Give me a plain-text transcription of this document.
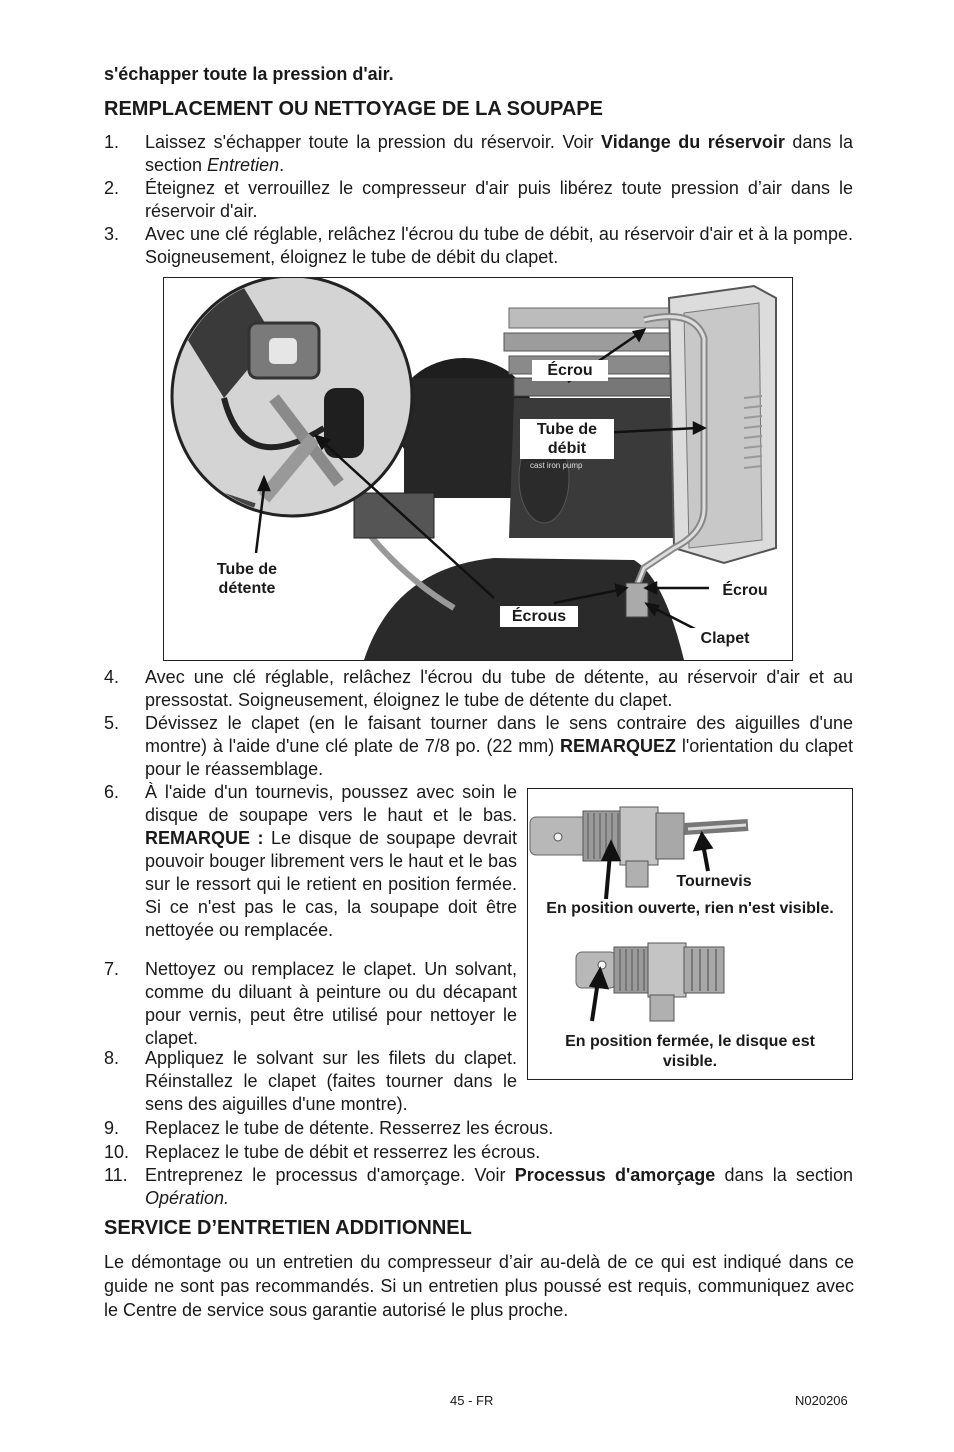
s'échapper toute la pression d'air.
REMPLACEMENT OU NETTOYAGE DE LA SOUPAPE
1. Laissez s'échapper toute la pression du réservoir. Voir Vidange du réservoir dans la section Entretien.
2. Éteignez et verrouillez le compresseur d'air puis libérez toute pression d’air dans le réservoir d'air.
3. Avec une clé réglable, relâchez l'écrou du tube de débit, au réservoir d'air et à la pompe. Soigneusement, éloignez le tube de débit du clapet.
cast iron pump
Écrou
Tube de débit
Tube de détente
Écrous
Écrou
Clapet
4. Avec une clé réglable, relâchez l'écrou du tube de détente, au réservoir d'air et au pressostat. Soigneusement, éloignez le tube de détente du clapet.
5. Dévissez le clapet (en le faisant tourner dans le sens contraire des aiguilles d'une montre) à l'aide d'une clé plate de 7/8 po. (22 mm) REMARQUEZ l'orientation du clapet pour le réassemblage.
6. À l'aide d'un tournevis, poussez avec soin le disque de soupape vers le haut et le bas. REMARQUE : Le disque de soupape devrait pouvoir bouger librement vers le haut et le bas sur le ressort qui le retient en position fermée. Si ce n'est pas le cas, la soupape doit être nettoyée ou remplacée.
7. Nettoyez ou remplacez le clapet. Un solvant, comme du diluant à peinture ou du décapant pour vernis, peut être utilisé pour nettoyer le clapet.
8. Appliquez le solvant sur les filets du clapet. Réinstallez le clapet (faites tourner dans le sens des aiguilles d'une montre).
Tournevis
En position ouverte, rien n'est visible.
En position fermée, le disque est visible.
9. Replacez le tube de détente. Resserrez les écrous.
10. Replacez le tube de débit et resserrez les écrous.
11. Entreprenez le processus d'amorçage. Voir Processus d'amorçage dans la section Opération.
SERVICE D’ENTRETIEN ADDITIONNEL
Le démontage ou un entretien du compresseur d’air au-delà de ce qui est indiqué dans ce guide ne sont pas recommandés. Si un entretien plus poussé est requis, communiquez avec le Centre de service sous garantie autorisé le plus proche.
45 - FR	N020206
